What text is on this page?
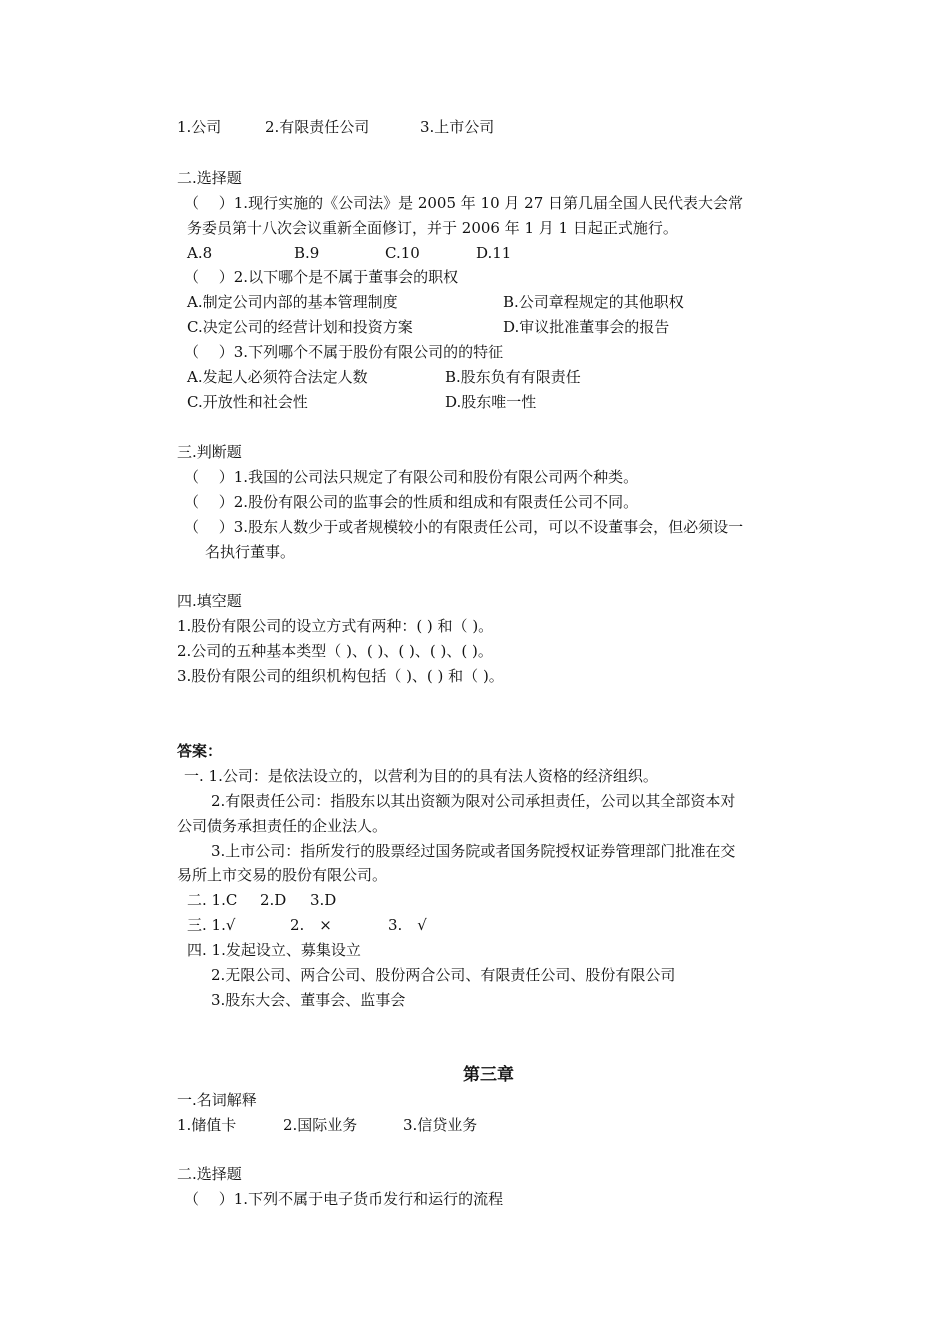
1.公司	2.有限责任公司	3.上市公司
二.选择题
（　 ）1.现行实施的《公司法》是 2005 年 10 月 27 日第几届全国人民代表大会常
务委员第十八次会议重新全面修订，并于 2006 年 1 月 1 日起正式施行。
A.8	B.9	C.10	D.11
（　 ）2.以下哪个是不属于董事会的职权
A.制定公司内部的基本管理制度	B.公司章程规定的其他职权
C.决定公司的经营计划和投资方案	D.审议批准董事会的报告
（　 ）3.下列哪个不属于股份有限公司的的特征
A.发起人必须符合法定人数	B.股东负有有限责任
C.开放性和社会性	D.股东唯一性
三.判断题
（　 ）1.我国的公司法只规定了有限公司和股份有限公司两个种类。
（　 ）2.股份有限公司的监事会的性质和组成和有限责任公司不同。
（　 ）3.股东人数少于或者规模较小的有限责任公司，可以不设董事会，但必须设一
名执行董事。
四.填空题
1.股份有限公司的设立方式有两种：( ) 和（ )。
2.公司的五种基本类型（ )、( )、( )、( )、( )。
3.股份有限公司的组织机构包括（ )、( ) 和（ )。
答案：
一. 1.公司：是依法设立的，以营利为目的的具有法人资格的经济组织。
2.有限责任公司：指股东以其出资额为限对公司承担责任，公司以其全部资本对
公司债务承担责任的企业法人。
3.上市公司：指所发行的股票经过国务院或者国务院授权证券管理部门批准在交
易所上市交易的股份有限公司。
二. 1.C 2.D 3.D
三. 1.√	2.　×	3.　√
四. 1.发起设立、募集设立
2.无限公司、两合公司、股份两合公司、有限责任公司、股份有限公司
3.股东大会、董事会、监事会
第三章
一.名词解释
1.储值卡	2.国际业务	3.信贷业务
二.选择题
（　 ）1.下列不属于电子货币发行和运行的流程
